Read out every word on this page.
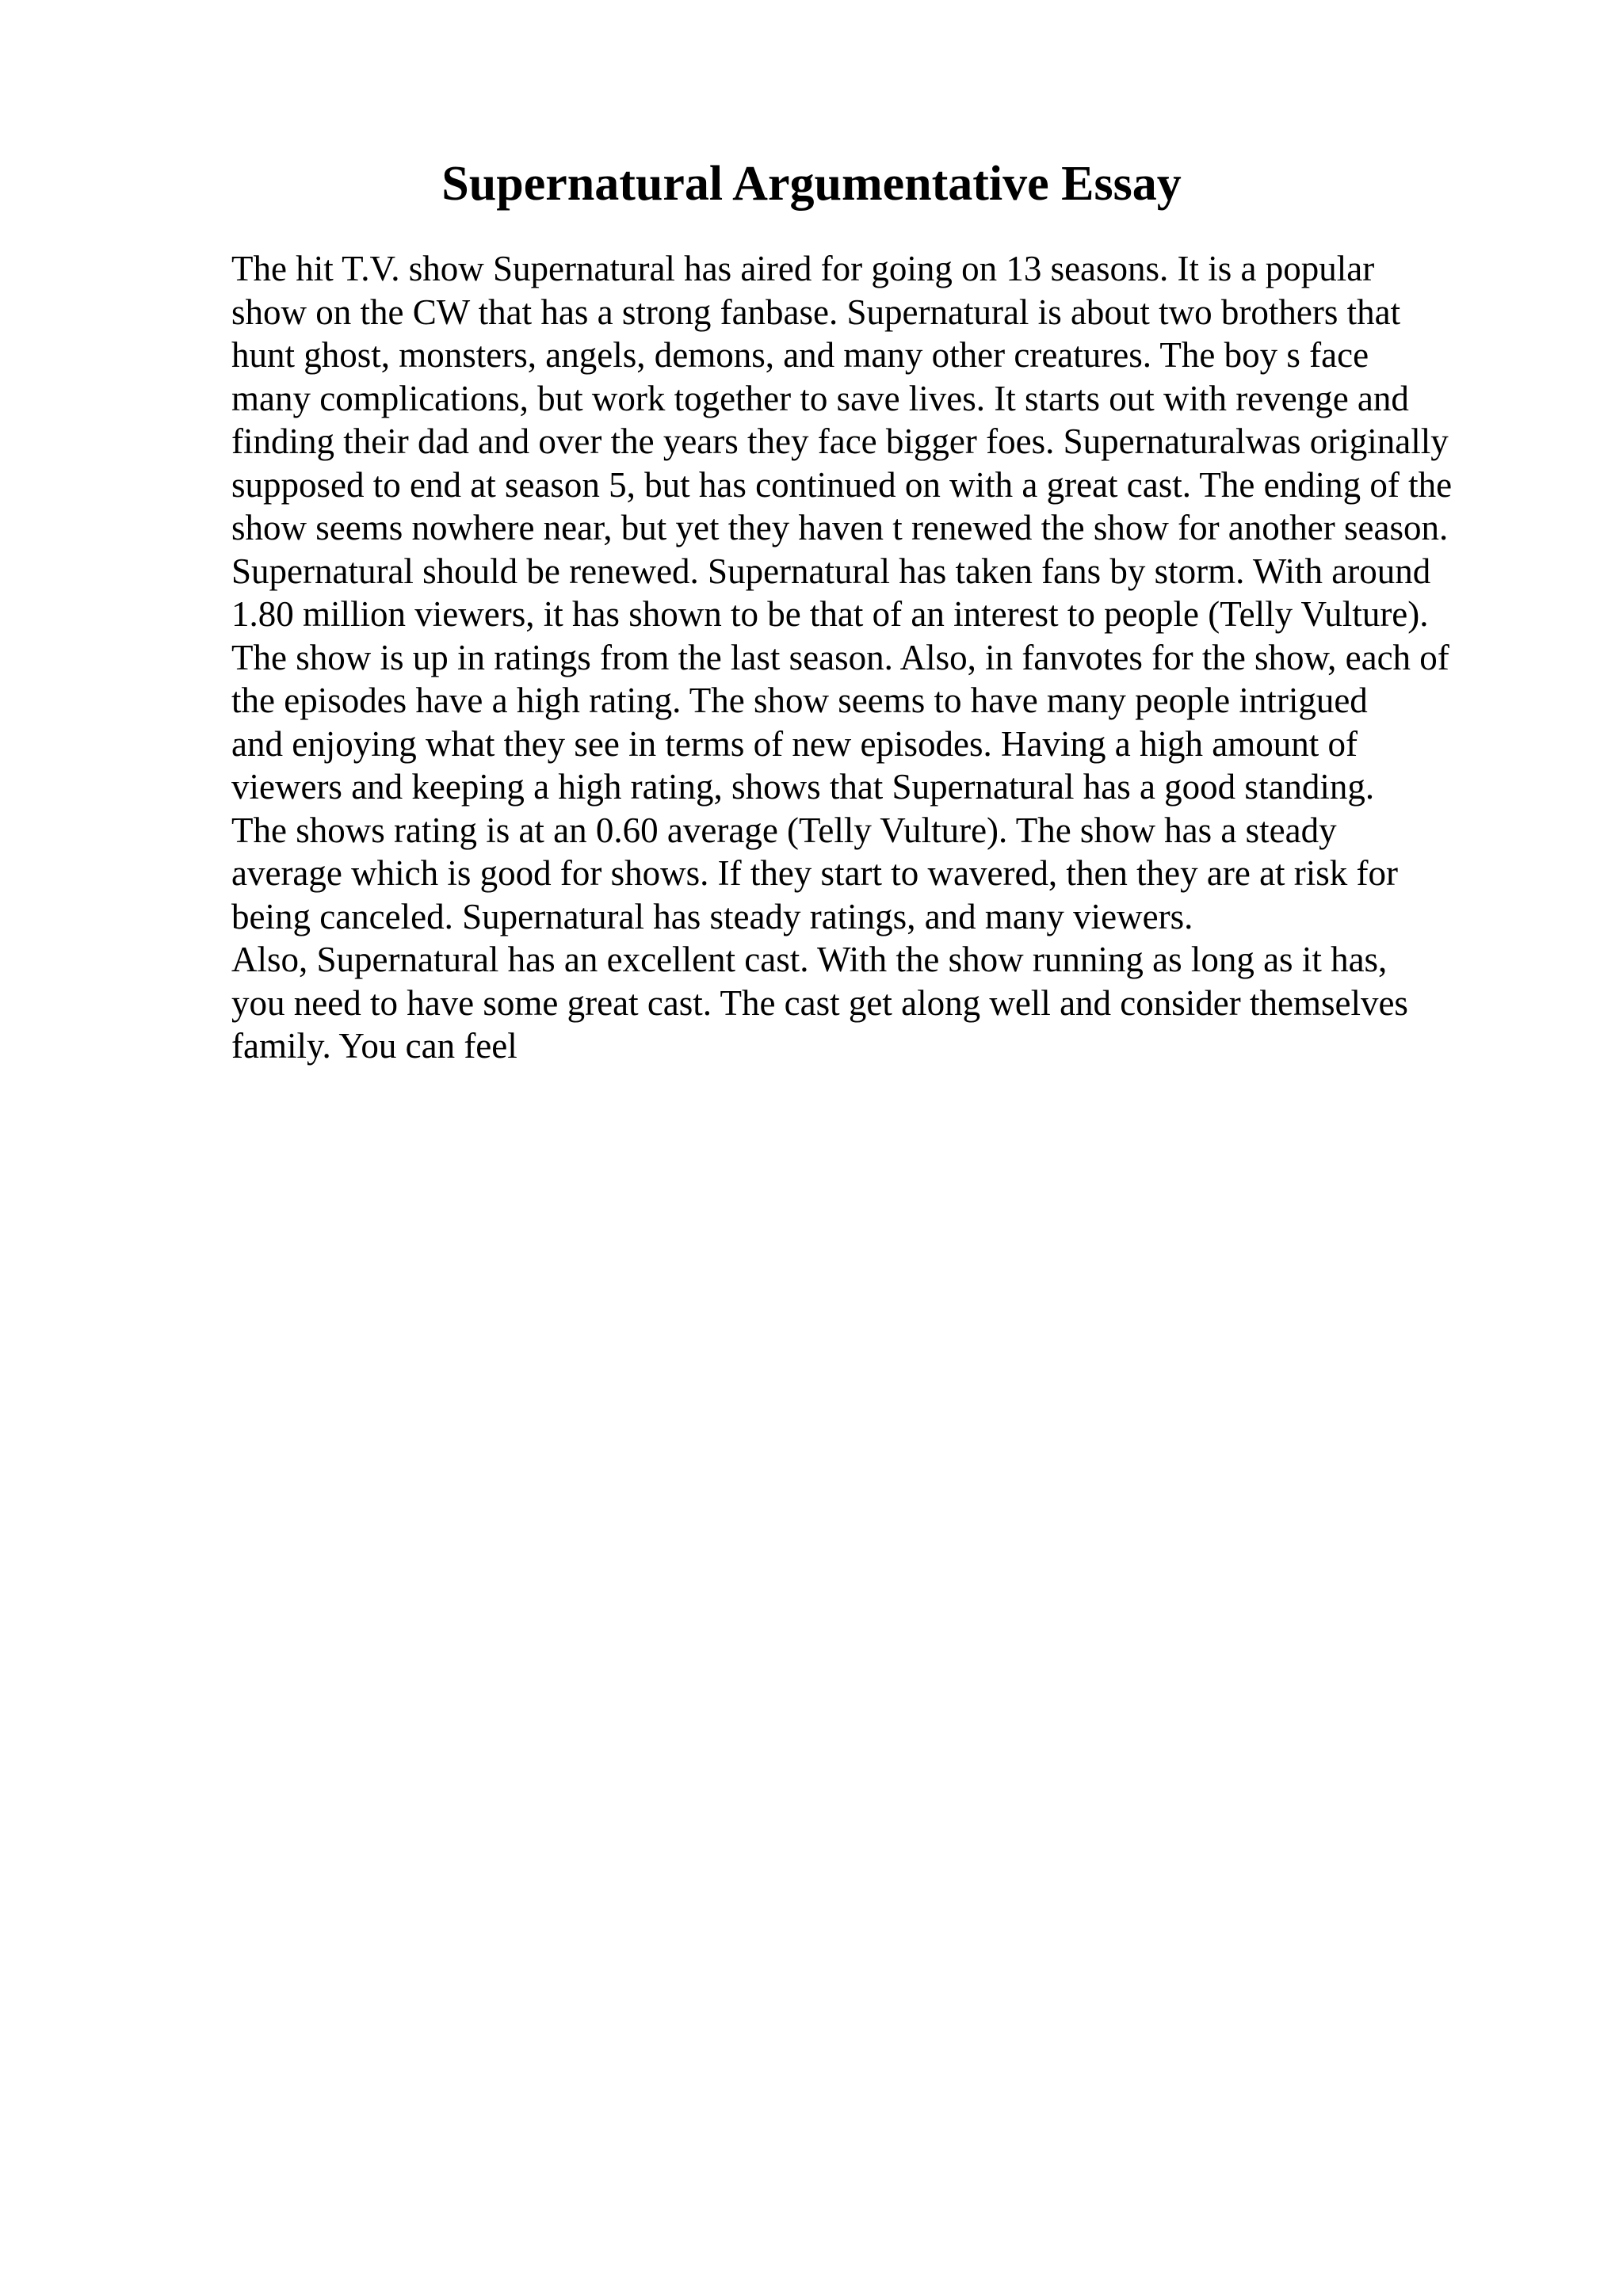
Supernatural Argumentative Essay
The hit T.V. show Supernatural has aired for going on 13 seasons. It is a popular
show on the CW that has a strong fanbase. Supernatural is about two brothers that
hunt ghost, monsters, angels, demons, and many other creatures. The boy s face
many complications, but work together to save lives. It starts out with revenge and
finding their dad and over the years they face bigger foes. Supernaturalwas originally
supposed to end at season 5, but has continued on with a great cast. The ending of the
show seems nowhere near, but yet they haven t renewed the show for another season.
Supernatural should be renewed. Supernatural has taken fans by storm. With around
1.80 million viewers, it has shown to be that of an interest to people (Telly Vulture).
The show is up in ratings from the last season. Also, in fanvotes for the show, each of
the episodes have a high rating. The show seems to have many people intrigued
and enjoying what they see in terms of new episodes. Having a high amount of
viewers and keeping a high rating, shows that Supernatural has a good standing.
The shows rating is at an 0.60 average (Telly Vulture). The show has a steady
average which is good for shows. If they start to wavered, then they are at risk for
being canceled. Supernatural has steady ratings, and many viewers.
Also, Supernatural has an excellent cast. With the show running as long as it has,
you need to have some great cast. The cast get along well and consider themselves
family. You can feel
